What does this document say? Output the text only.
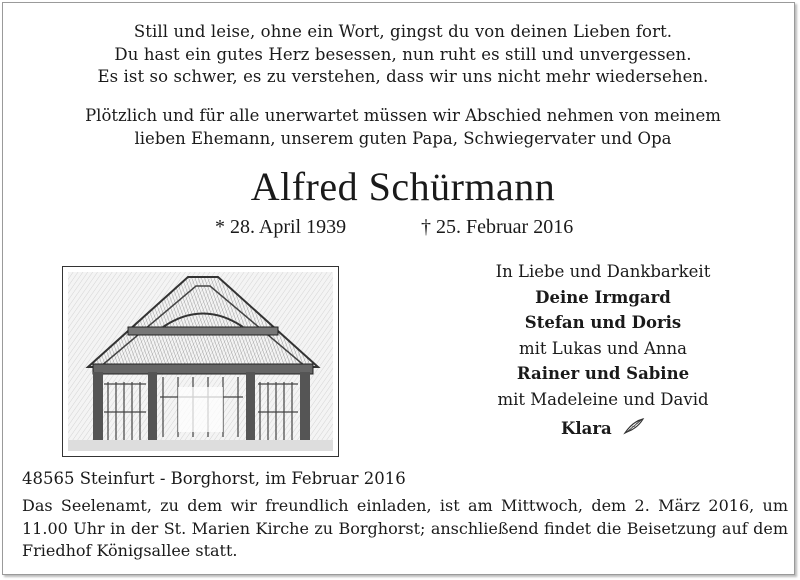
Still und leise, ohne ein Wort, gingst du von deinen Lieben fort.
Du hast ein gutes Herz besessen, nun ruht es still und unvergessen.
Es ist so schwer, es zu verstehen, dass wir uns nicht mehr wiedersehen.
Plötzlich und für alle unerwartet müssen wir Abschied nehmen von meinem
lieben Ehemann, unserem guten Papa, Schwiegervater und Opa
Alfred Schürmann
* 28. April 1939	† 25. Februar 2016
In Liebe und Dankbarkeit
Deine Irmgard
Stefan und Doris
mit Lukas und Anna
Rainer und Sabine
mit Madeleine und David
Klara
48565 Steinfurt - Borghorst, im Februar 2016
Das Seelenamt, zu dem wir freundlich einladen, ist am Mittwoch, dem 2. März 2016, um 11.00 Uhr in der St. Marien Kirche zu Borghorst; anschließend findet die Beisetzung auf dem Friedhof Königsallee statt.
